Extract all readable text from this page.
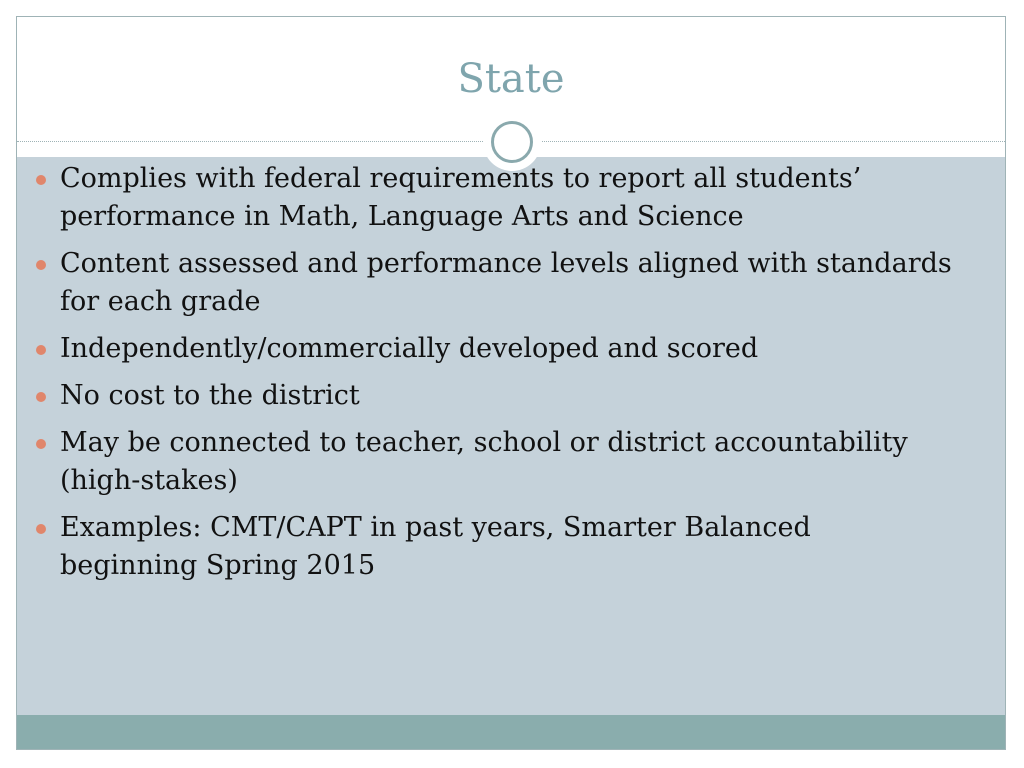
State
Complies with federal requirements to report all students’ performance in Math, Language Arts and Science
Content assessed and performance levels aligned with standards for each grade
Independently/commercially developed and scored
No cost to the district
May be connected to teacher, school or district accountability (high-stakes)
Examples: CMT/CAPT in past years, Smarter Balanced beginning Spring 2015
